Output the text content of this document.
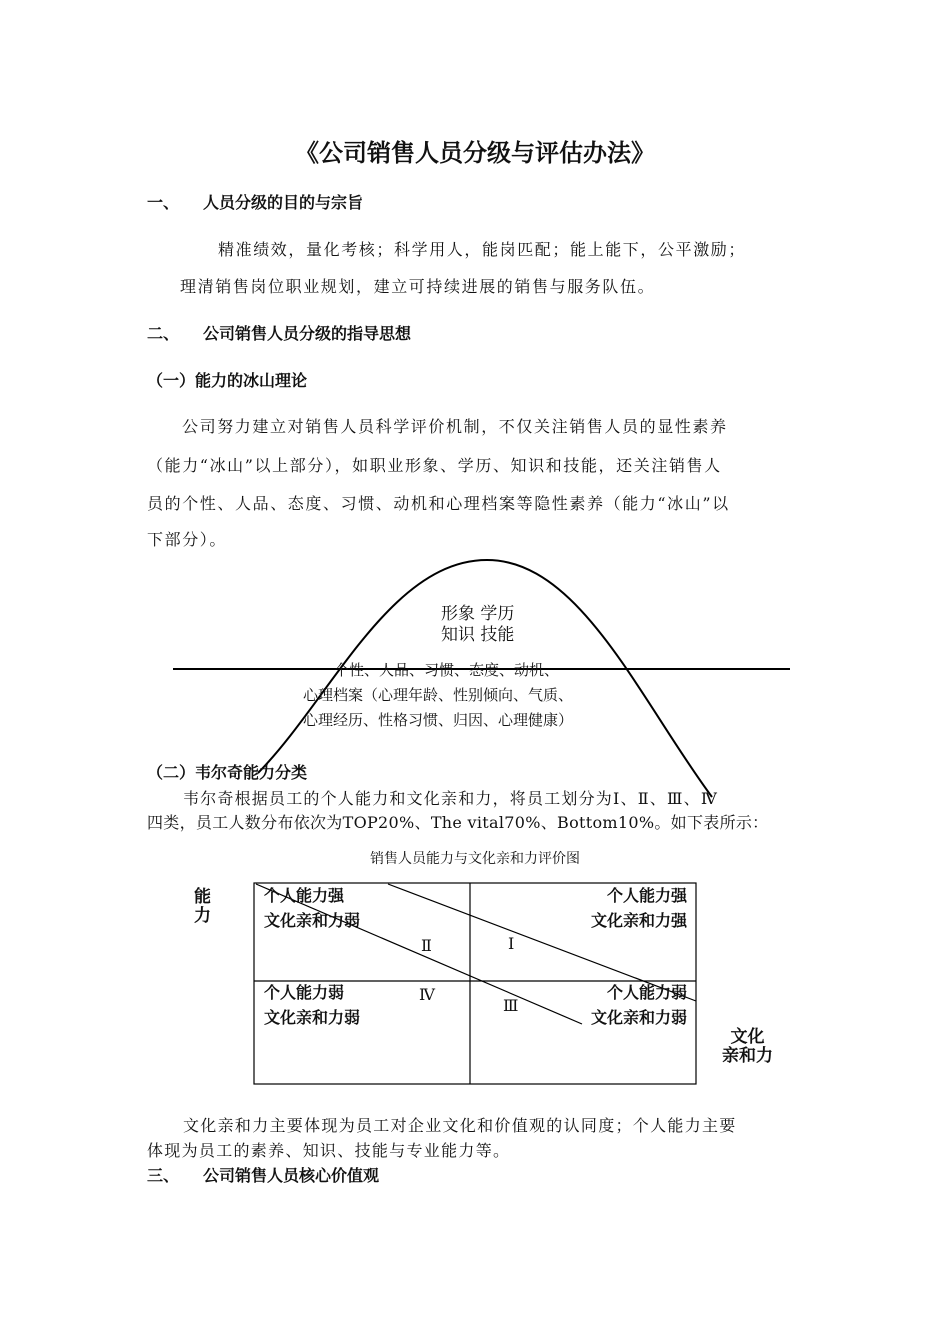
《公司销售人员分级与评估办法》
一、 人员分级的目的与宗旨
精准绩效，量化考核；科学用人，能岗匹配；能上能下，公平激励；
理清销售岗位职业规划，建立可持续进展的销售与服务队伍。
二、 公司销售人员分级的指导思想
（一）能力的冰山理论
公司努力建立对销售人员科学评价机制，不仅关注销售人员的显性素养
（能力“冰山”以上部分），如职业形象、学历、知识和技能，还关注销售人
员的个性、人品、态度、习惯、动机和心理档案等隐性素养（能力“冰山”以
下部分）。
形象 学历
知识 技能
个性、人品、习惯、态度、动机、
心理档案（心理年龄、性别倾向、气质、
心理经历、性格习惯、归因、心理健康）
（二）韦尔奇能力分类
韦尔奇根据员工的个人能力和文化亲和力，将员工划分为Ⅰ、Ⅱ、Ⅲ、Ⅳ
四类，员工人数分布依次为TOP20%、The vital70%、Bottom10%。如下表所示：
销售人员能力与文化亲和力评价图
能
力
文化
亲和力
个人能力强
文化亲和力弱
个人能力强
文化亲和力强
个人能力弱
文化亲和力弱
个人能力弱
文化亲和力弱
Ⅱ	Ⅰ
Ⅳ
Ⅲ
文化亲和力主要体现为员工对企业文化和价值观的认同度；个人能力主要
体现为员工的素养、知识、技能与专业能力等。
三、 公司销售人员核心价值观
